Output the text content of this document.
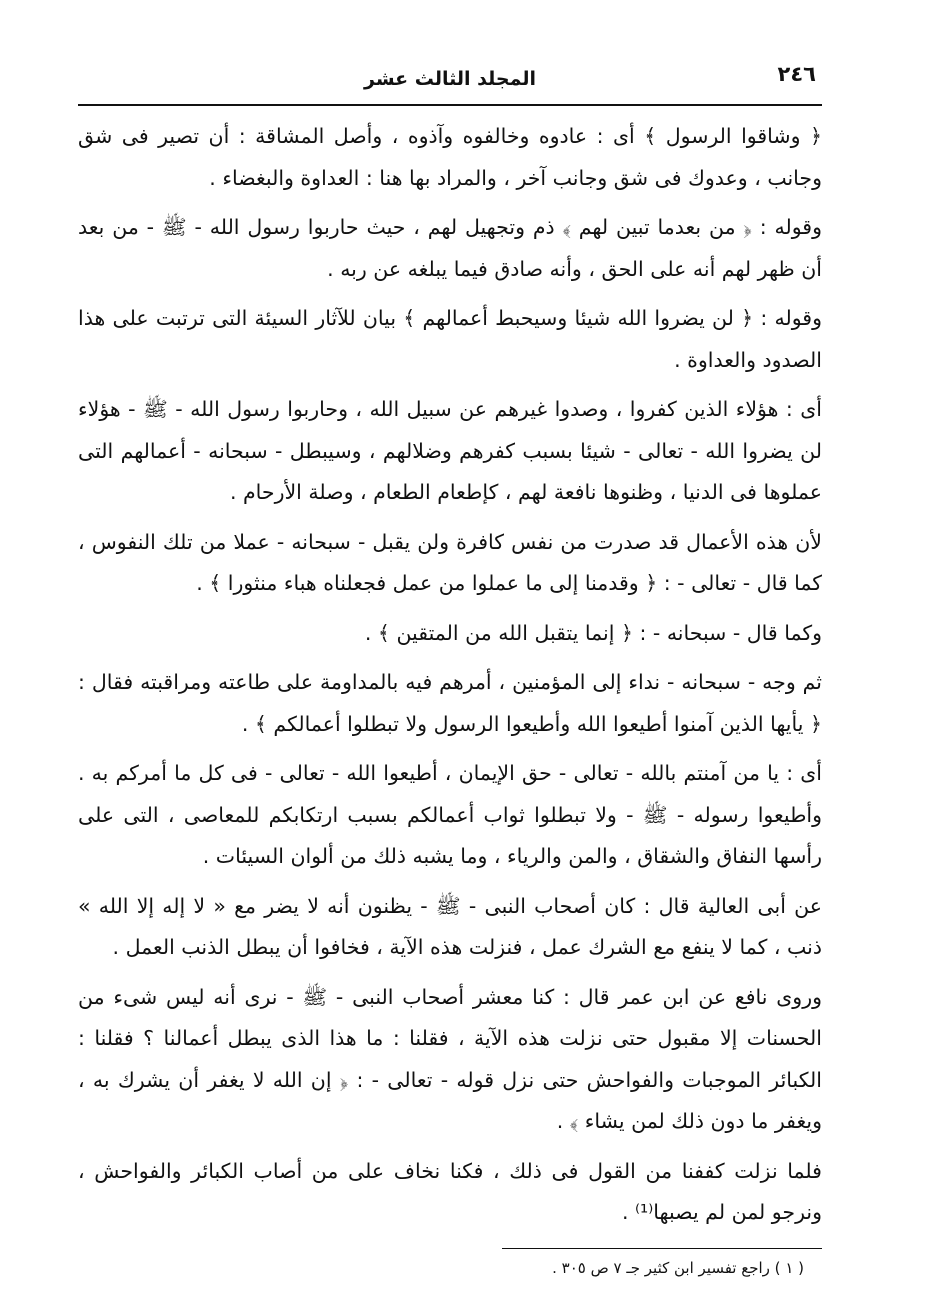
٢٤٦
المجلد الثالث عشر

﴿ وشاقوا الرسول ﴾ أى : عادوه وخالفوه وآذوه ، وأصل المشاقة : أن تصير فى شق وجانب ، وعدوك فى شق وجانب آخر ، والمراد بها هنا : العداوة والبغضاء .

وقوله : ﴿ من بعدما تبين لهم ﴾ ذم وتجهيل لهم ، حيث حاربوا رسول الله - ﷺ - من بعد أن ظهر لهم أنه على الحق ، وأنه صادق فيما يبلغه عن ربه .

وقوله : ﴿ لن يضروا الله شيئا وسيحبط أعمالهم ﴾ بيان للآثار السيئة التى ترتبت على هذا الصدود والعداوة .

أى : هؤلاء الذين كفروا ، وصدوا غيرهم عن سبيل الله ، وحاربوا رسول الله - ﷺ - هؤلاء لن يضروا الله - تعالى - شيئا بسبب كفرهم وضلالهم ، وسيبطل - سبحانه - أعمالهم التى عملوها فى الدنيا ، وظنوها نافعة لهم ، كإطعام الطعام ، وصلة الأرحام .

لأن هذه الأعمال قد صدرت من نفس كافرة ولن يقبل - سبحانه - عملا من تلك النفوس ، كما قال - تعالى - : ﴿ وقدمنا إلى ما عملوا من عمل فجعلناه هباء منثورا ﴾ .

وكما قال - سبحانه - : ﴿ إنما يتقبل الله من المتقين ﴾ .

ثم وجه - سبحانه - نداء إلى المؤمنين ، أمرهم فيه بالمداومة على طاعته ومراقبته فقال : ﴿ يأيها الذين آمنوا أطيعوا الله وأطيعوا الرسول ولا تبطلوا أعمالكم ﴾ .

أى : يا من آمنتم بالله - تعالى - حق الإيمان ، أطيعوا الله - تعالى - فى كل ما أمركم به . وأطيعوا رسوله - ﷺ - ولا تبطلوا ثواب أعمالكم بسبب ارتكابكم للمعاصى ، التى على رأسها النفاق والشقاق ، والمن والرياء ، وما يشبه ذلك من ألوان السيئات .

عن أبى العالية قال : كان أصحاب النبى - ﷺ - يظنون أنه لا يضر مع « لا إله إلا الله » ذنب ، كما لا ينفع مع الشرك عمل ، فنزلت هذه الآية ، فخافوا أن يبطل الذنب العمل .

وروى نافع عن ابن عمر قال : كنا معشر أصحاب النبى - ﷺ - نرى أنه ليس شىء من الحسنات إلا مقبول حتى نزلت هذه الآية ، فقلنا : ما هذا الذى يبطل أعمالنا ؟ فقلنا : الكبائر الموجبات والفواحش حتى نزل قوله - تعالى - : ﴿ إن الله لا يغفر أن يشرك به ، ويغفر ما دون ذلك لمن يشاء ﴾ .

فلما نزلت كففنا من القول فى ذلك ، فكنا نخاف على من أصاب الكبائر والفواحش ، ونرجو لمن لم يصبها⁽¹⁾ .

( ١ ) راجع تفسير ابن كثير جـ ٧ ص ٣٠٥ .
